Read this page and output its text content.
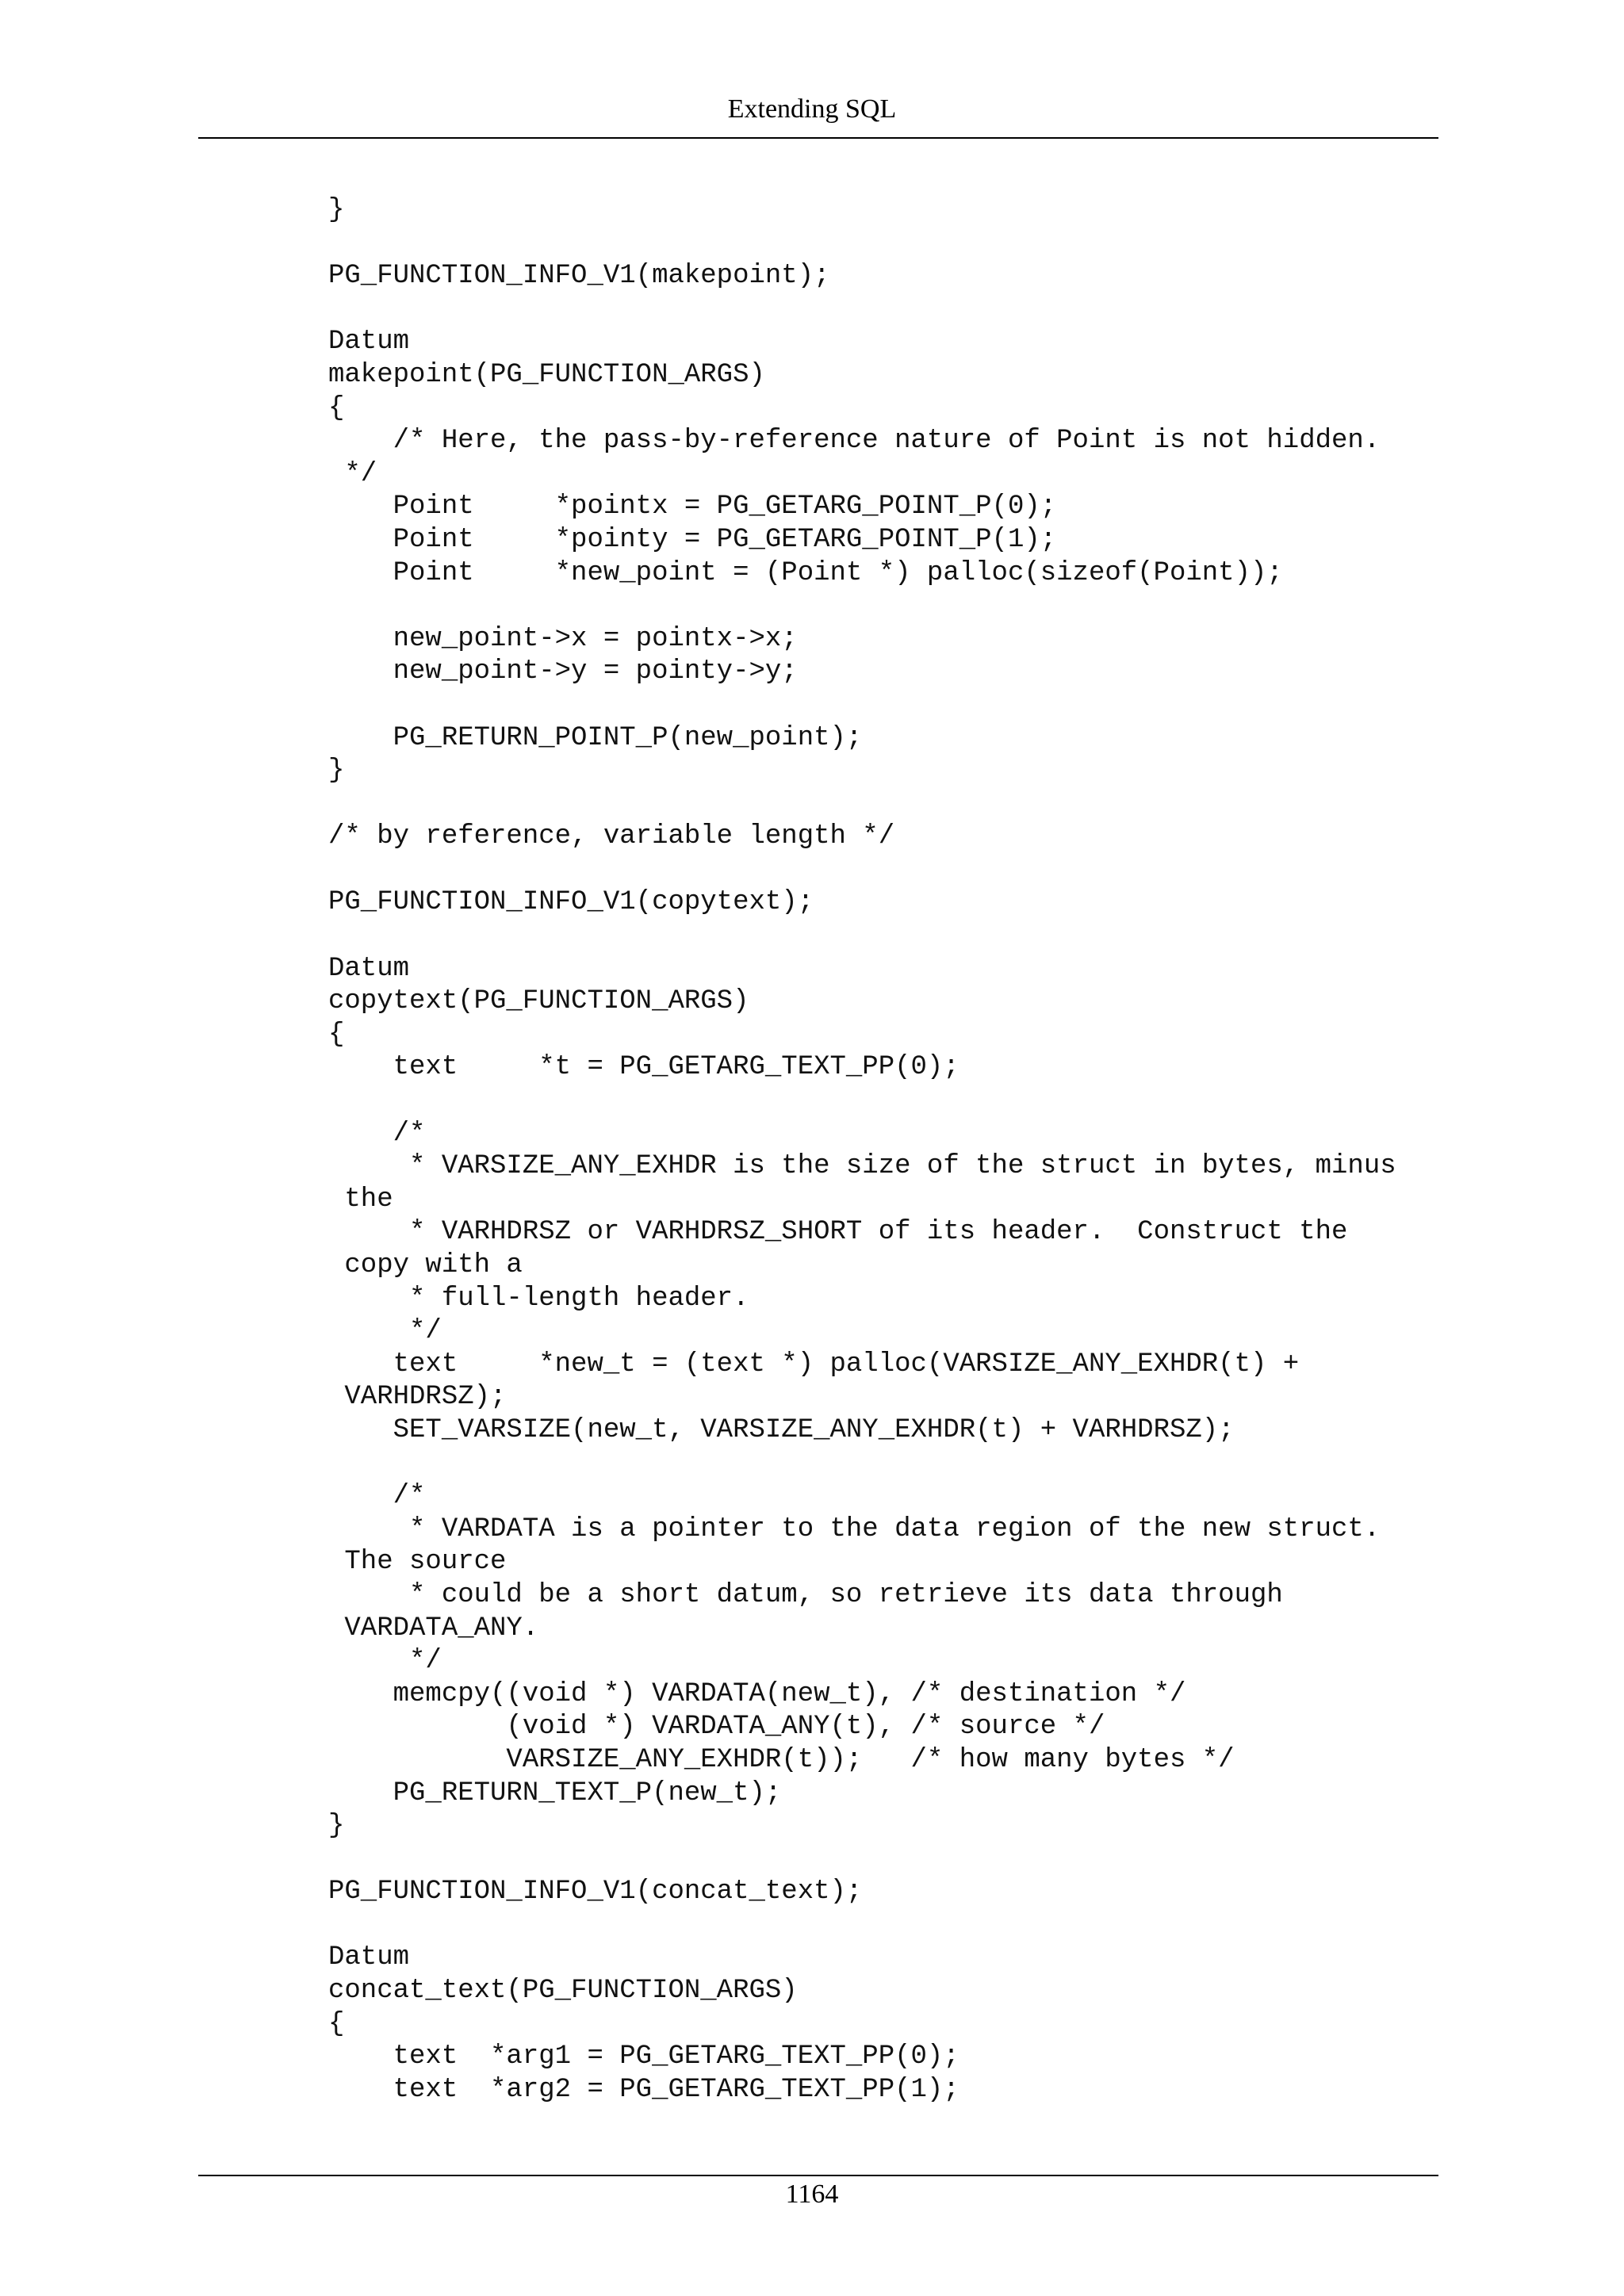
Extending SQL
}
PG_FUNCTION_INFO_V1(makepoint);
Datum
makepoint(PG_FUNCTION_ARGS)
{
/* Here, the pass-by-reference nature of Point is not hidden.
*/
Point     *pointx = PG_GETARG_POINT_P(0);
Point     *pointy = PG_GETARG_POINT_P(1);
Point     *new_point = (Point *) palloc(sizeof(Point));
new_point->x = pointx->x;
new_point->y = pointy->y;
PG_RETURN_POINT_P(new_point);
}
/* by reference, variable length */
PG_FUNCTION_INFO_V1(copytext);
Datum
copytext(PG_FUNCTION_ARGS)
{
text     *t = PG_GETARG_TEXT_PP(0);
/*
* VARSIZE_ANY_EXHDR is the size of the struct in bytes, minus
the
* VARHDRSZ or VARHDRSZ_SHORT of its header.  Construct the
copy with a
* full-length header.
*/
text     *new_t = (text *) palloc(VARSIZE_ANY_EXHDR(t) +
VARHDRSZ);
SET_VARSIZE(new_t, VARSIZE_ANY_EXHDR(t) + VARHDRSZ);
/*
* VARDATA is a pointer to the data region of the new struct.
The source
* could be a short datum, so retrieve its data through
VARDATA_ANY.
*/
memcpy((void *) VARDATA(new_t), /* destination */
(void *) VARDATA_ANY(t), /* source */
VARSIZE_ANY_EXHDR(t));   /* how many bytes */
PG_RETURN_TEXT_P(new_t);
}
PG_FUNCTION_INFO_V1(concat_text);
Datum
concat_text(PG_FUNCTION_ARGS)
{
text  *arg1 = PG_GETARG_TEXT_PP(0);
text  *arg2 = PG_GETARG_TEXT_PP(1);
1164
